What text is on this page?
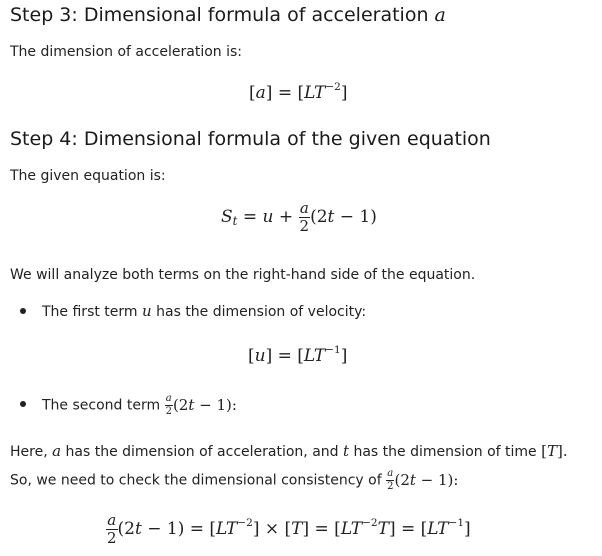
Step 3: Dimensional formula of acceleration a
The dimension of acceleration is:
$[a] = [LT^{-2}]$
Step 4: Dimensional formula of the given equation
The given equation is:
$S_t = u + \frac{a}{2} (2t - 1)$
We will analyze both terms on the right-hand side of the equation.
The first term u has the dimension of velocity:
$[u] = [LT^{-1}]$
The second term $\frac{a}{2} (2t - 1)$:
Here, a has the dimension of acceleration, and t has the dimension of time [T].
So, we need to check the dimensional consistency of $\frac{a}{2} (2t - 1)$:
$\frac{a}{2} (2t - 1) = [LT^{-2}] \times [T] = [LT^{-2}T] = [LT^{-1}]$
